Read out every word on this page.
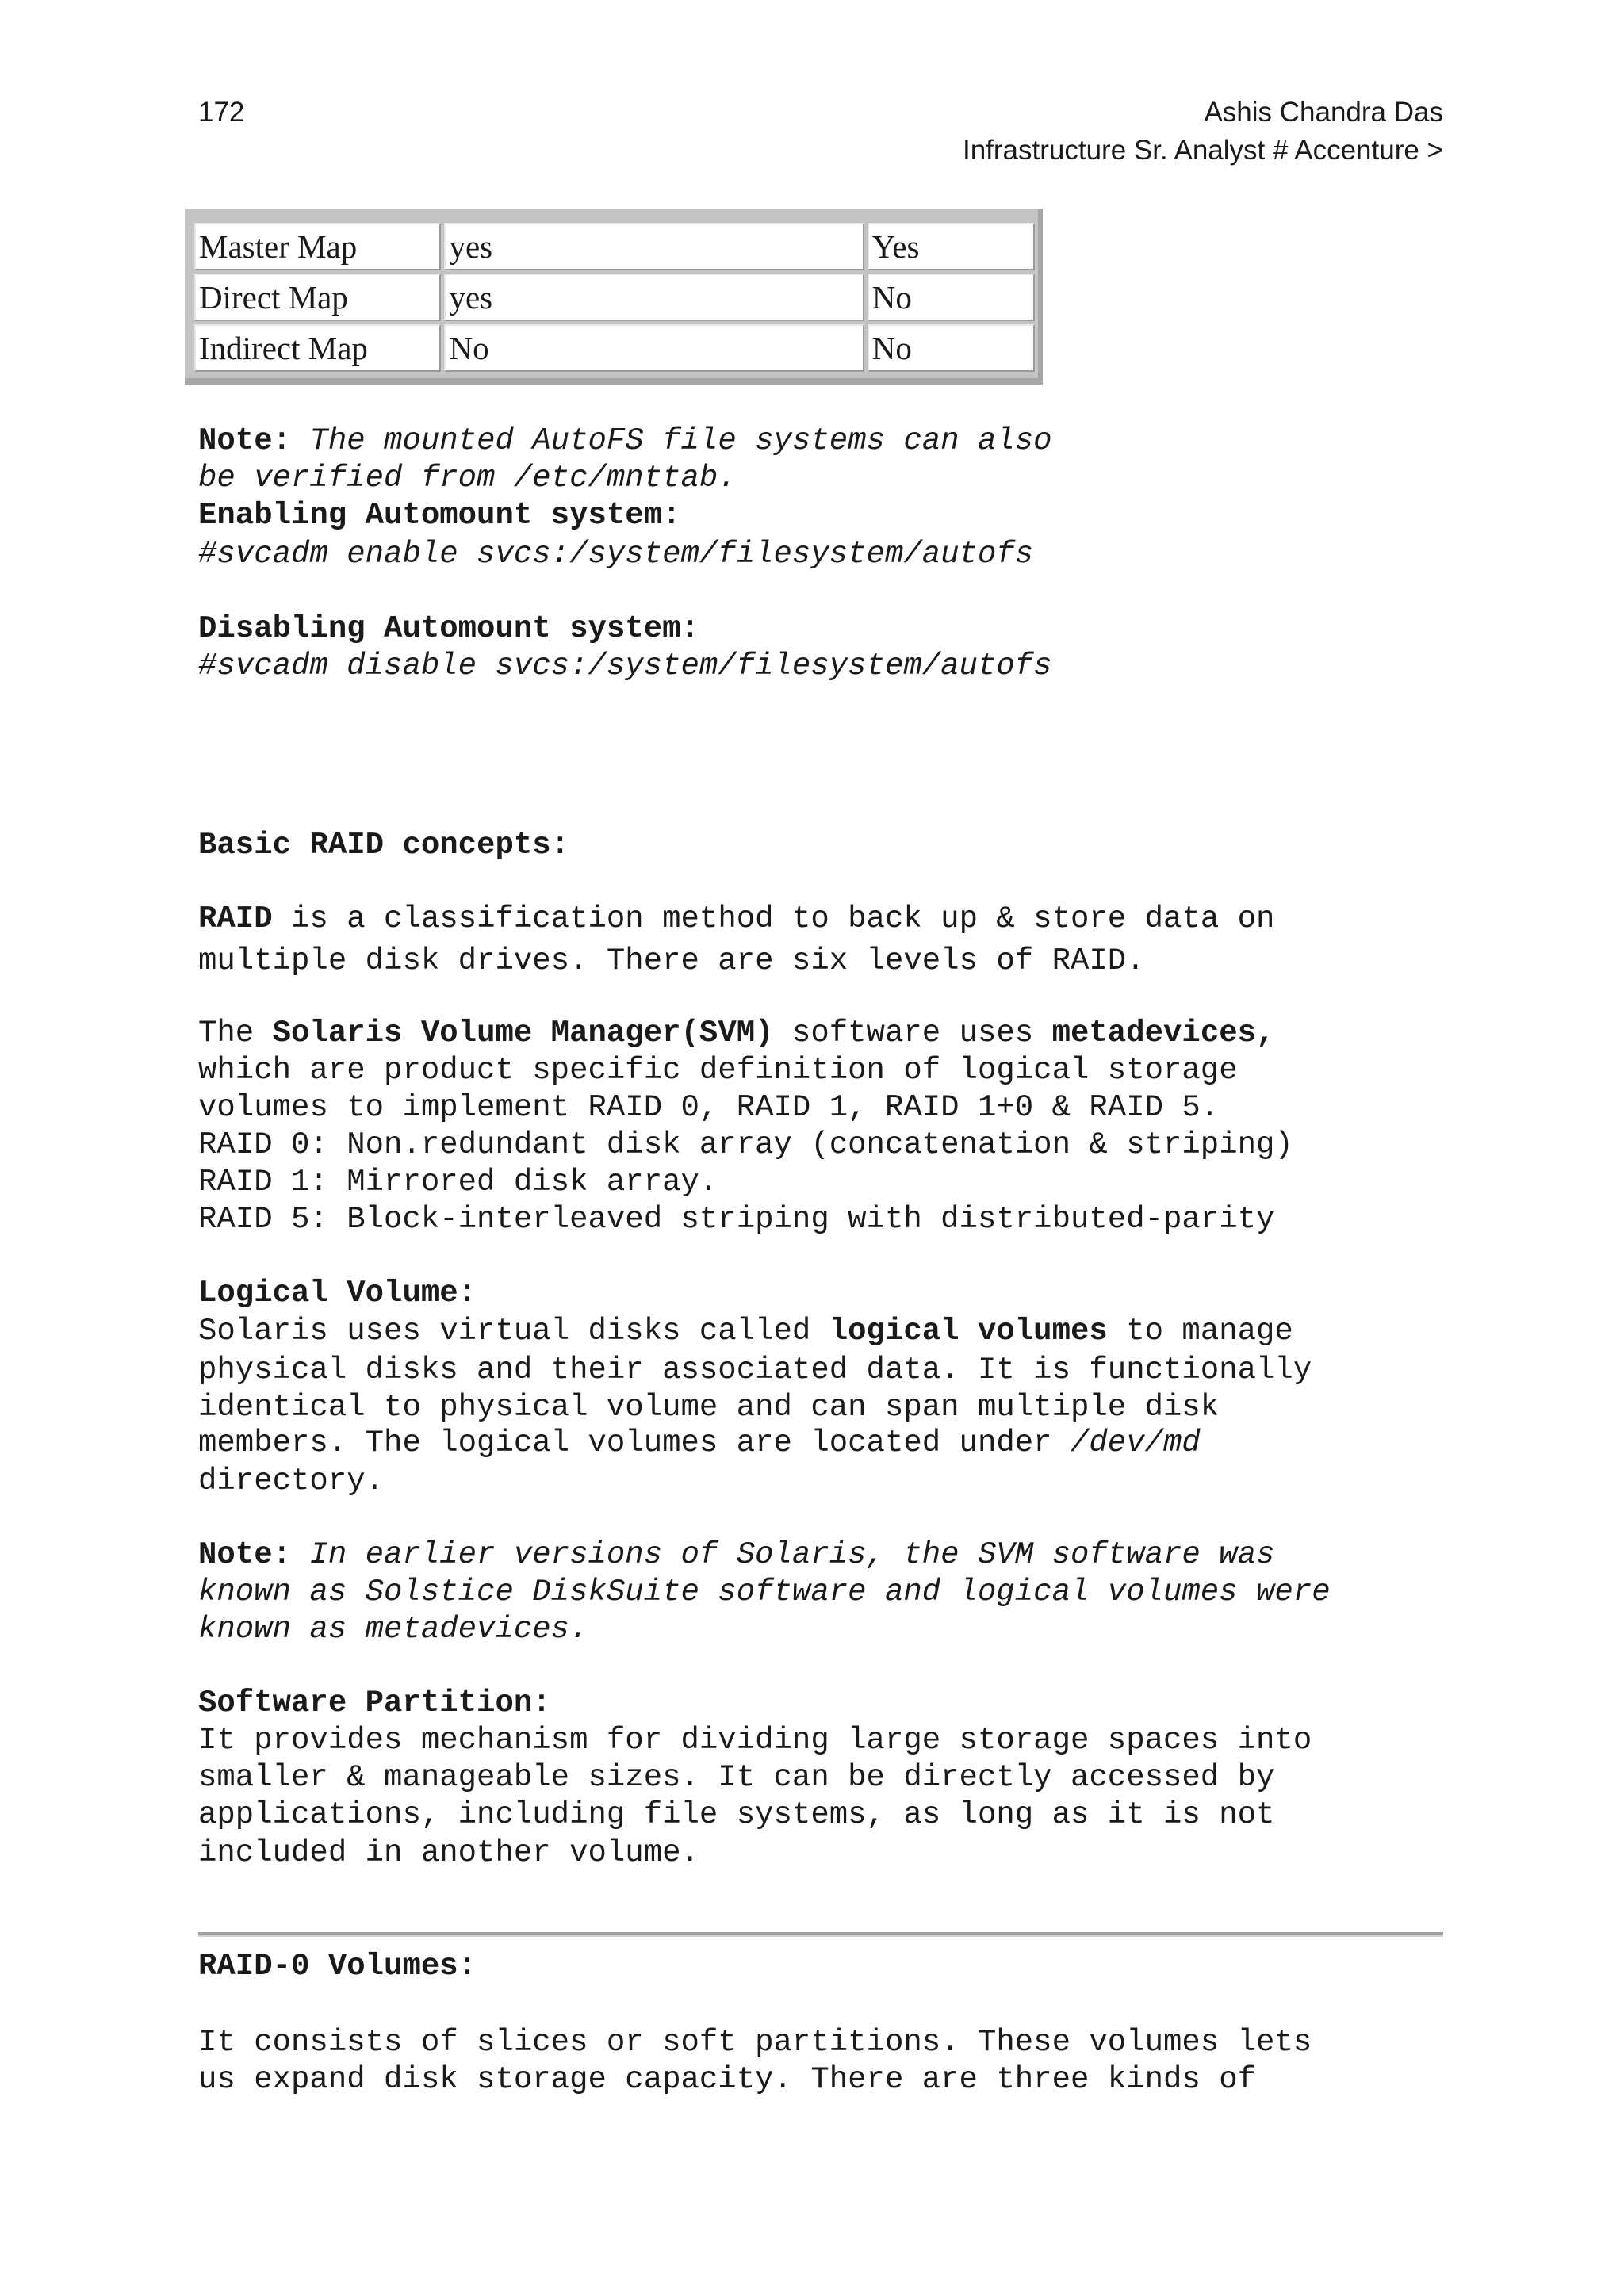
172	Ashis Chandra Das
Infrastructure Sr. Analyst # Accenture >
Master Map	yes	Yes
Direct Map	yes	No
Indirect Map	No	No

Note: The mounted AutoFS file systems can also

be verified from /etc/mnttab.

Enabling Automount system:

#svcadm enable svcs:/system/filesystem/autofs

Disabling Automount system:

#svcadm disable svcs:/system/filesystem/autofs

Basic RAID concepts:

RAID is a classification method to back up & store data on

multiple disk drives. There are six levels of RAID.

The Solaris Volume Manager(SVM) software uses metadevices,

which are product specific definition of logical storage

volumes to implement RAID 0, RAID 1, RAID 1+0 & RAID 5.

RAID 0: Non.redundant disk array (concatenation & striping)

RAID 1: Mirrored disk array.

RAID 5: Block-interleaved striping with distributed-parity

Logical Volume:

Solaris uses virtual disks called logical volumes to manage

physical disks and their associated data. It is functionally

identical to physical volume and can span multiple disk

members. The logical volumes are located under /dev/md

directory.

Note: In earlier versions of Solaris, the SVM software was

known as Solstice DiskSuite software and logical volumes were

known as metadevices.

Software Partition:

It provides mechanism for dividing large storage spaces into

smaller & manageable sizes. It can be directly accessed by

applications, including file systems, as long as it is not

included in another volume.

RAID-0 Volumes:

It consists of slices or soft partitions. These volumes lets

us expand disk storage capacity. There are three kinds of
